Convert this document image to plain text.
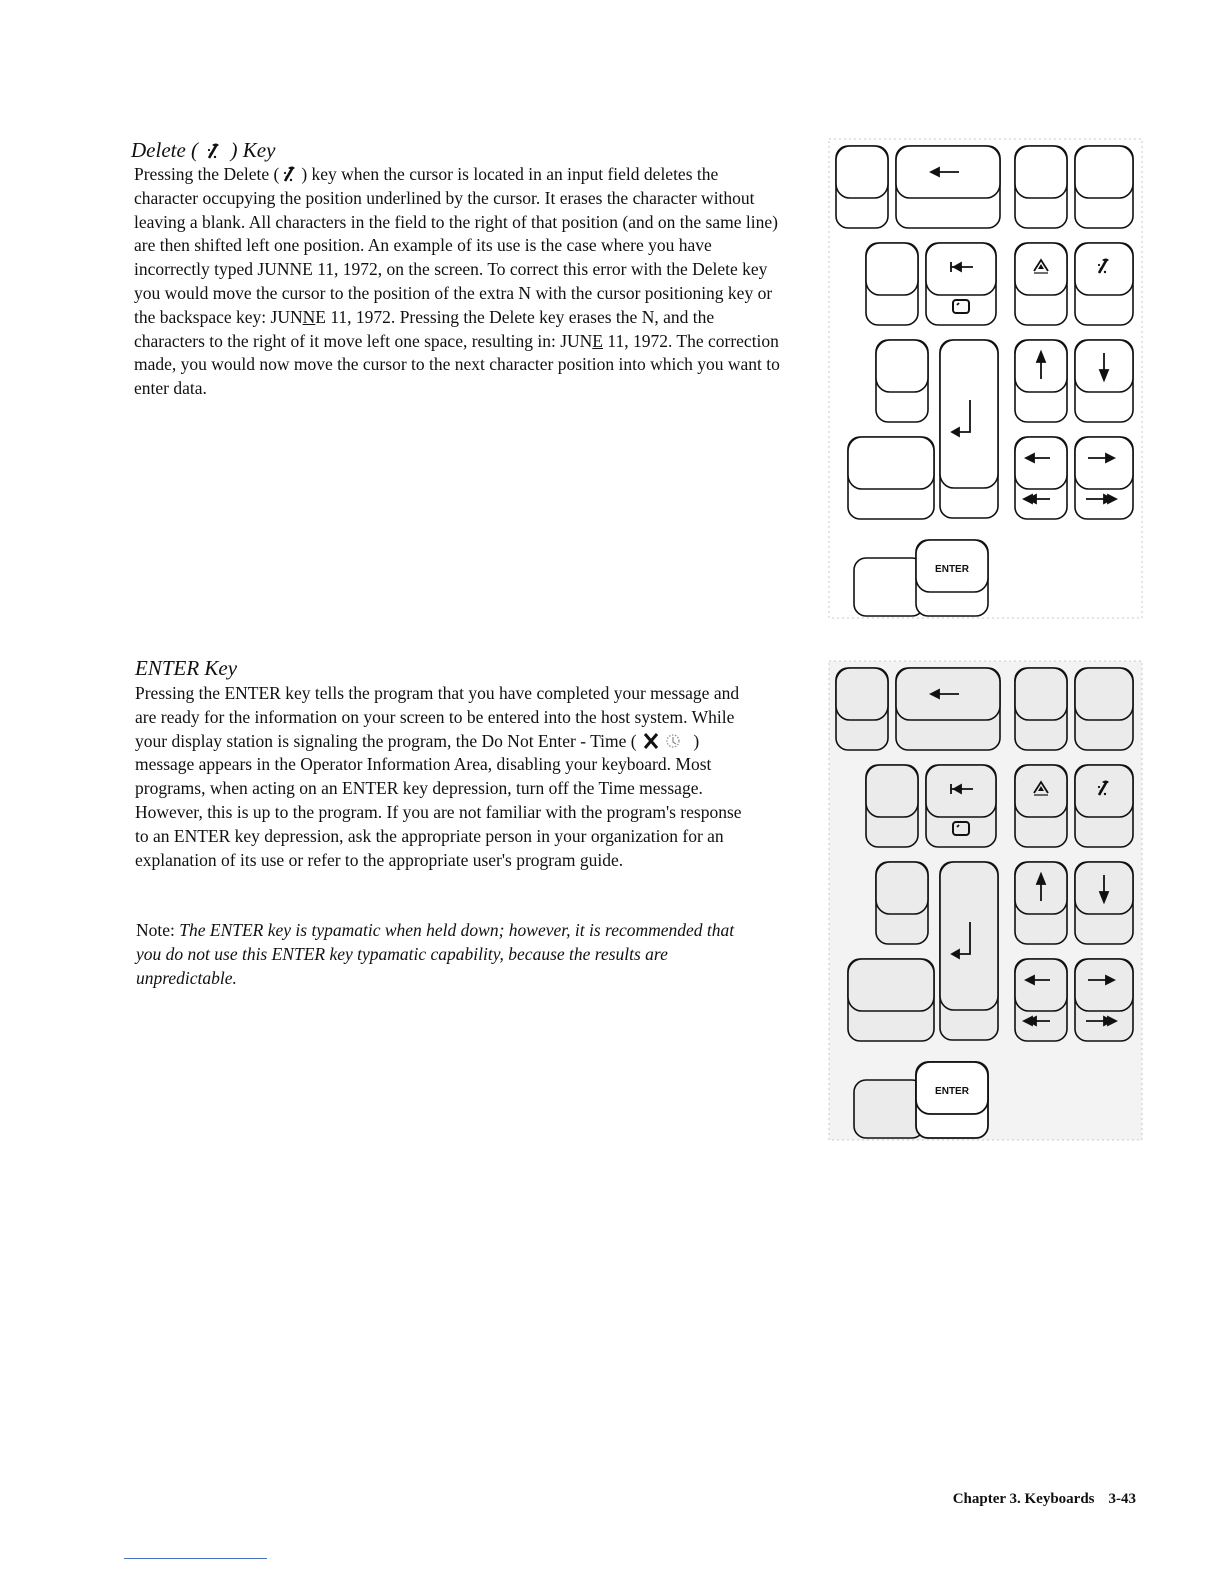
Delete ( ) Key

Pressing the Delete ( ) key when the cursor is located in an input field deletes the character occupying the position underlined by the cursor. It erases the character without leaving a blank. All characters in the field to the right of that position (and on the same line) are then shifted left one position. An example of its use is the case where you have incorrectly typed JUNNE 11, 1972, on the screen. To correct this error with the Delete key you would move the cursor to the position of the extra N with the cursor positioning key or the backspace key: JUNNE 11, 1972. Pressing the Delete key erases the N, and the characters to the right of it move left one space, resulting in: JUNE 11, 1972. The correction made, you would now move the cursor to the next character position into which you want to enter data.

ENTER Key

Pressing the ENTER key tells the program that you have completed your message and are ready for the information on your screen to be entered into the host system. While your display station is signaling the program, the Do Not Enter - Time (	) message appears in the Operator Information Area, disabling your keyboard. Most programs, when acting on an ENTER key depression, turn off the Time message. However, this is up to the program. If you are not familiar with the program's response to an ENTER key depression, ask the appropriate person in your organization for an explanation of its use or refer to the appropriate user's program guide.

Note: The ENTER key is typamatic when held down; however, it is recommended that you do not use this ENTER key typamatic capability, because the results are unpredictable.

ENTER
ENTER

Chapter 3. Keyboards 3-43
